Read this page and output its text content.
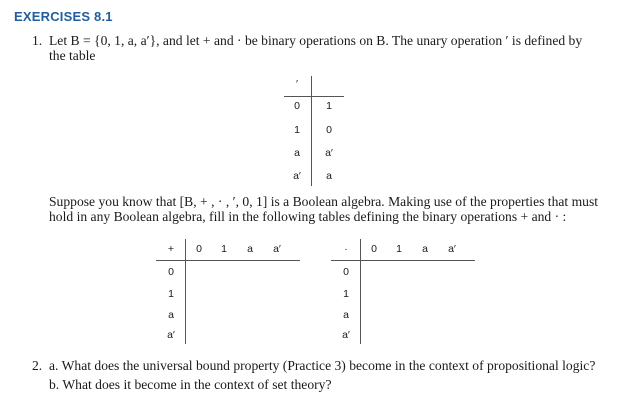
EXERCISES 8.1
1. Let B = {0, 1, a, a′}, and let + and · be binary operations on B. The unary operation ′ is defined by
the table
′
0	1
1	0
a	a′
a′	a
Suppose you know that [B, + , · , ′, 0, 1] is a Boolean algebra. Making use of the properties that must
hold in any Boolean algebra, fill in the following tables defining the binary operations + and · :
+	0	1	a	a′
0
1
a
a′
·	0	1	a	a′
0
1
a
a′
2. a. What does the universal bound property (Practice 3) become in the context of propositional logic?
b. What does it become in the context of set theory?
